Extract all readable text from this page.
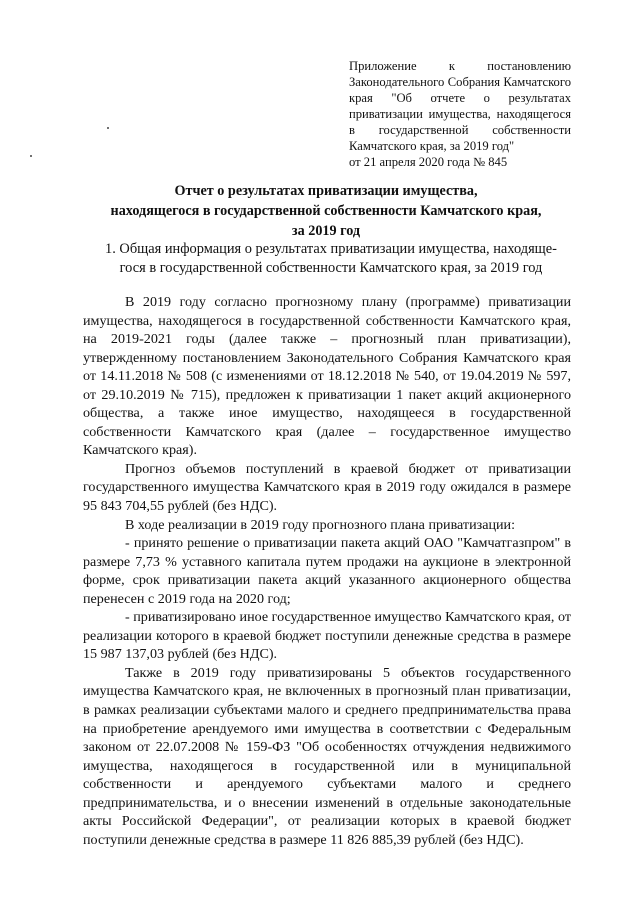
Приложение к постановлению Законодательного Собрания Камчатского края "Об отчете о результатах приватизации имущества, находящегося в государственной собственности Камчатского края, за 2019 год"
от 21 апреля 2020 года № 845
Отчет о результатах приватизации имущества,
находящегося в государственной собственности Камчатского края,
за 2019 год
1. Общая информация о результатах приватизации имущества, находяще-
гося в государственной собственности Камчатского края, за 2019 год

В 2019 году согласно прогнозному плану (программе) приватизации имущества, находящегося в государственной собственности Камчатского края, на 2019-2021 годы (далее также – прогнозный план приватизации), утвержденному постановлением Законодательного Собрания Камчатского края от 14.11.2018 № 508 (с изменениями от 18.12.2018 № 540, от 19.04.2019 № 597, от 29.10.2019 № 715), предложен к приватизации 1 пакет акций акционерного общества, а также иное имущество, находящееся в государственной собственности Камчатского края (далее – государственное имущество Камчатского края).

Прогноз объемов поступлений в краевой бюджет от приватизации государственного имущества Камчатского края в 2019 году ожидался в размере 95 843 704,55 рублей (без НДС).

В ходе реализации в 2019 году прогнозного плана приватизации:

- принято решение о приватизации пакета акций ОАО "Камчатгазпром" в размере 7,73 % уставного капитала путем продажи на аукционе в электронной форме, срок приватизации пакета акций указанного акционерного общества перенесен с 2019 года на 2020 год;

- приватизировано иное государственное имущество Камчатского края, от реализации которого в краевой бюджет поступили денежные средства в размере 15 987 137,03 рублей (без НДС).

Также в 2019 году приватизированы 5 объектов государственного имущества Камчатского края, не включенных в прогнозный план приватизации, в рамках реализации субъектами малого и среднего предпринимательства права на приобретение арендуемого ими имущества в соответствии с Федеральным законом от 22.07.2008 № 159-ФЗ "Об особенностях отчуждения недвижимого имущества, находящегося в государственной или в муниципальной собственности и арендуемого субъектами малого и среднего предпринимательства, и о внесении изменений в отдельные законодательные акты Российской Федерации", от реализации которых в краевой бюджет поступили денежные средства в размере 11 826 885,39 рублей (без НДС).
